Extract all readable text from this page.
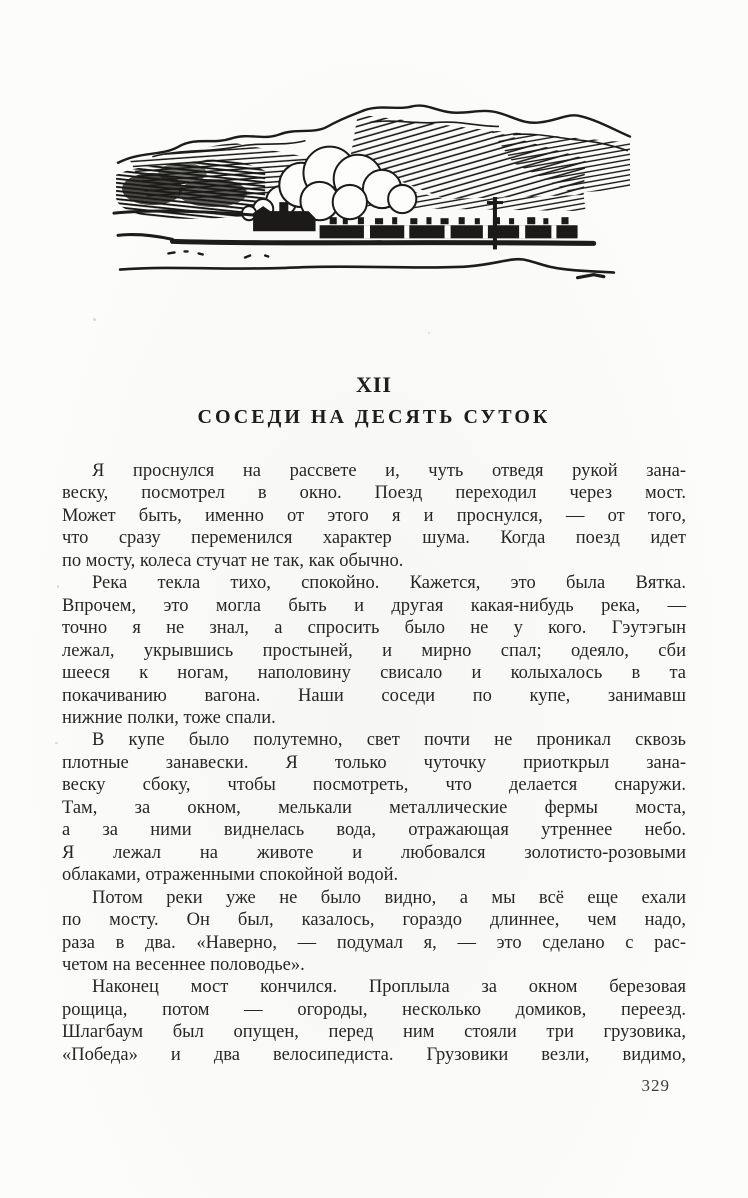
XII
СОСЕДИ НА ДЕСЯТЬ СУТОК
Я проснулся на рассвете и, чуть отведя рукой зана-
веску, посмотрел в окно. Поезд переходил через мост.
Может быть, именно от этого я и проснулся, — от того,
что сразу переменился характер шума. Когда поезд идет
по мосту, колеса стучат не так, как обычно.
Река текла тихо, спокойно. Кажется, это была Вятка.
Впрочем, это могла быть и другая какая-нибудь река, —
точно я не знал, а спросить было не у кого. Гэутэгын
лежал, укрывшись простыней, и мирно спал; одеяло, сби
шееся к ногам, наполовину свисало и колыхалось в та
покачиванию вагона. Наши соседи по купе, занимавш
нижние полки, тоже спали.
В купе было полутемно, свет почти не проникал сквозь
плотные занавески. Я только чуточку приоткрыл зана-
веску сбоку, чтобы посмотреть, что делается снаружи.
Там, за окном, мелькали металлические фермы моста,
а за ними виднелась вода, отражающая утреннее небо.
Я лежал на животе и любовался золотисто-розовыми
облаками, отраженными спокойной водой.
Потом реки уже не было видно, а мы всё еще ехали
по мосту. Он был, казалось, гораздо длиннее, чем надо,
раза в два. «Наверно, — подумал я, — это сделано с рас-
четом на весеннее половодье».
Наконец мост кончился. Проплыла за окном березовая
рощица, потом — огороды, несколько домиков, переезд.
Шлагбаум был опущен, перед ним стояли три грузовика,
«Победа» и два велосипедиста. Грузовики везли, видимо,
329
